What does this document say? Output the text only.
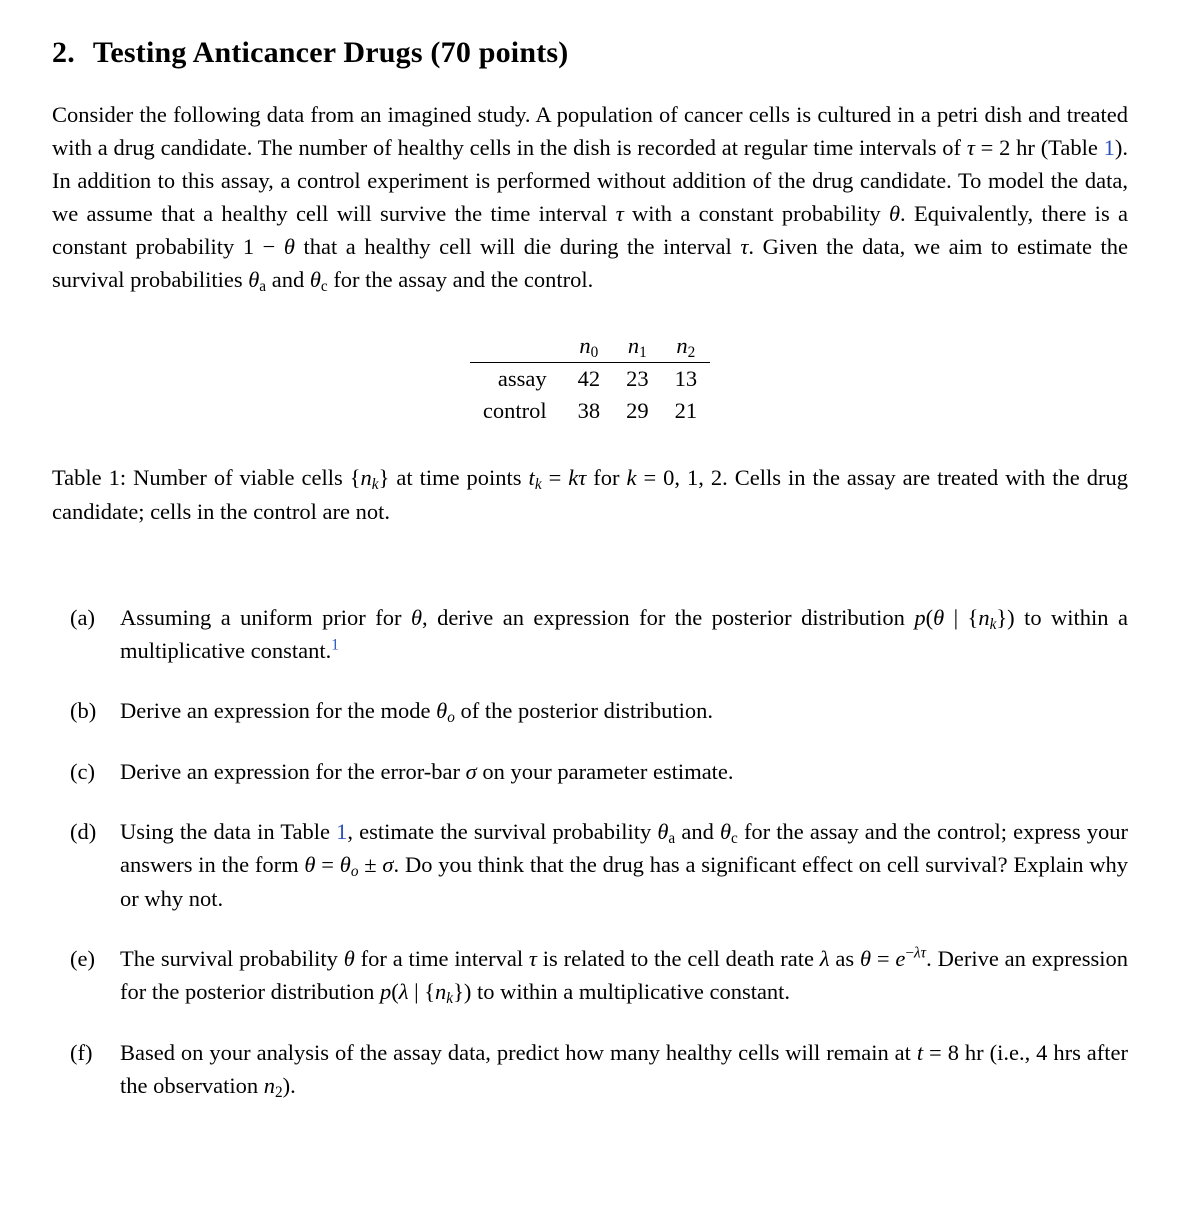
2. Testing Anticancer Drugs (70 points)

Consider the following data from an imagined study. A population of cancer cells is cultured in a petri dish and treated with a drug candidate. The number of healthy cells in the dish is recorded at regular time intervals of τ = 2 hr (Table 1). In addition to this assay, a control experiment is performed without addition of the drug candidate. To model the data, we assume that a healthy cell will survive the time interval τ with a constant probability θ. Equivalently, there is a constant probability 1 − θ that a healthy cell will die during the interval τ. Given the data, we aim to estimate the survival probabilities $\theta_a$ and $\theta_c$ for the assay and the control.

	$n_0$	$n_1$	$n_2$
assay	42	23	13
control	38	29	21

Table 1: Number of viable cells $\{n_k\}$ at time points $t_k = k\tau$ for k = 0, 1, 2. Cells in the assay are treated with the drug candidate; cells in the control are not.

(a) Assuming a uniform prior for θ, derive an expression for the posterior distribution p(θ | $\{n_k\}$) to within a multiplicative constant.$^1$
(b) Derive an expression for the mode $\theta_o$ of the posterior distribution.
(c) Derive an expression for the error-bar σ on your parameter estimate.
(d) Using the data in Table 1, estimate the survival probability $\theta_a$ and $\theta_c$ for the assay and the control; express your answers in the form $\theta = \theta_o \pm \sigma$. Do you think that the drug has a significant effect on cell survival? Explain why or why not.
(e) The survival probability θ for a time interval τ is related to the cell death rate λ as $\theta = e^{-\lambda\tau}$. Derive an expression for the posterior distribution p(λ | $\{n_k\}$) to within a multiplicative constant.
(f) Based on your analysis of the assay data, predict how many healthy cells will remain at t = 8 hr (i.e., 4 hrs after the observation $n_2$).
